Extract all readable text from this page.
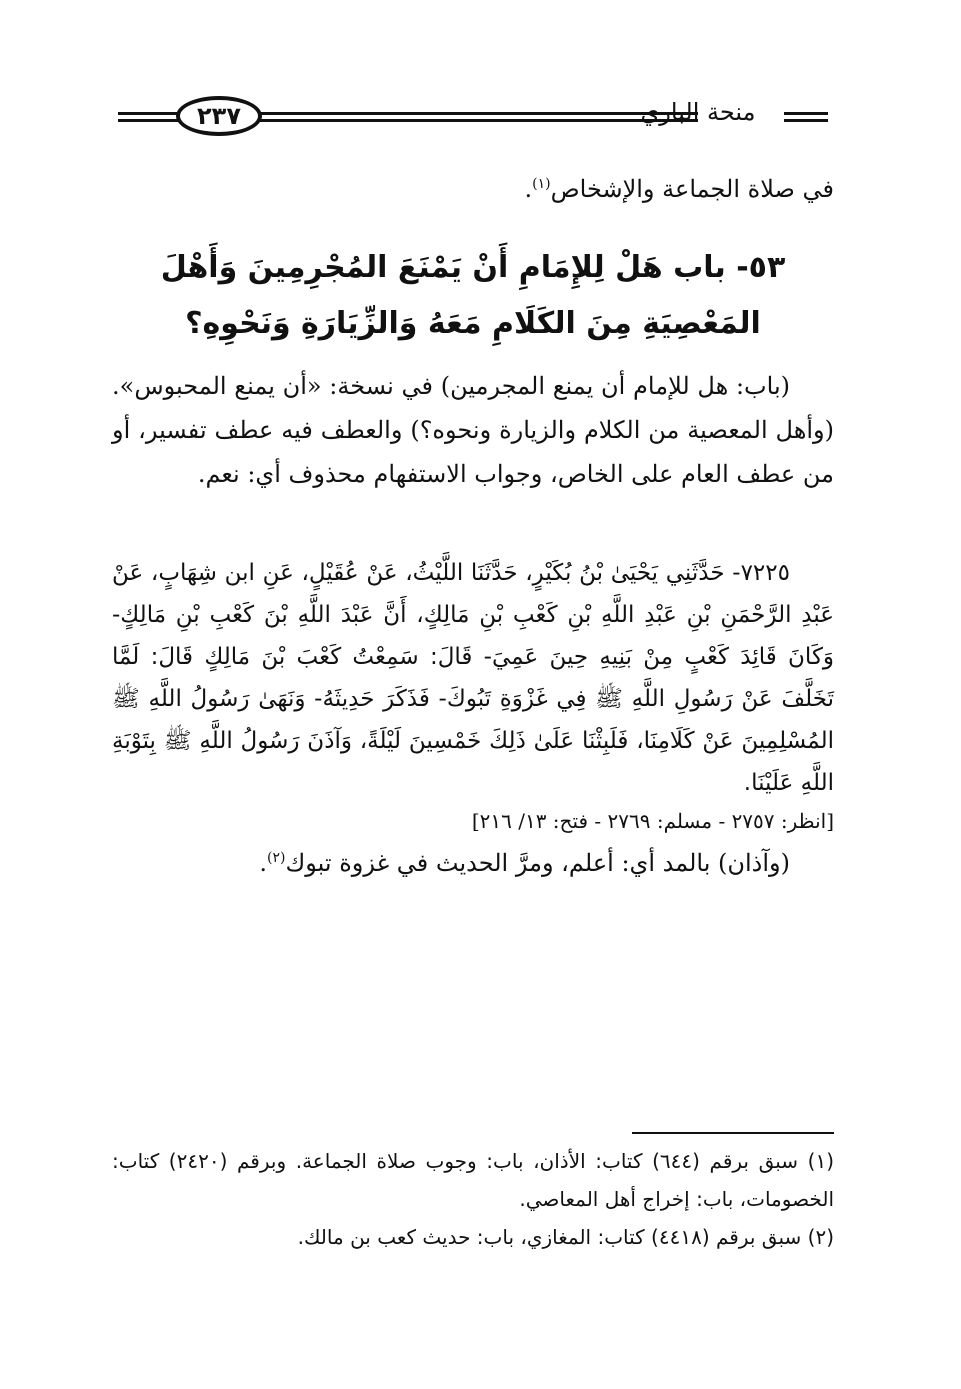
٢٣٧	منحة الباري

في صلاة الجماعة والإشخاص$^{(١)}$.

٥٣- باب هَلْ لِلإِمَامِ أَنْ يَمْنَعَ المُجْرِمِينَ وَأَهْلَ المَعْصِيَةِ مِنَ الكَلَامِ مَعَهُ وَالزِّيَارَةِ وَنَحْوِهِ؟

(باب: هل للإمام أن يمنع المجرمين) في نسخة: «أن يمنع المحبوس». (وأهل المعصية من الكلام والزيارة ونحوه؟) والعطف فيه عطف تفسير، أو من عطف العام على الخاص، وجواب الاستفهام محذوف أي: نعم.

٧٢٢٥- حَدَّثَنِي يَحْيَىٰ بْنُ بُكَيْرٍ، حَدَّثَنَا اللَّيْثُ، عَنْ عُقَيْلٍ، عَنِ ابن شِهَابٍ، عَنْ عَبْدِ الرَّحْمَنِ بْنِ عَبْدِ اللَّهِ بْنِ كَعْبِ بْنِ مَالِكٍ، أَنَّ عَبْدَ اللَّهِ بْنَ كَعْبِ بْنِ مَالِكٍ- وَكَانَ قَائِدَ كَعْبٍ مِنْ بَنِيهِ حِينَ عَمِيَ- قَالَ: سَمِعْتُ كَعْبَ بْنَ مَالِكٍ قَالَ: لَمَّا تَخَلَّفَ عَنْ رَسُولِ اللَّهِ ﷺ فِي غَزْوَةِ تَبُوكَ- فَذَكَرَ حَدِيثَهُ- وَنَهَىٰ رَسُولُ اللَّهِ ﷺ المُسْلِمِينَ عَنْ كَلَامِنَا، فَلَبِثْنَا عَلَىٰ ذَلِكَ خَمْسِينَ لَيْلَةً، وَآذَنَ رَسُولُ اللَّهِ ﷺ بِتَوْبَةِ اللَّهِ عَلَيْنَا.

[انظر: ٢٧٥٧ - مسلم: ٢٧٦٩ - فتح: ١٣/ ٢١٦]

(وآذان) بالمد أي: أعلم، ومرَّ الحديث في غزوة تبوك$^{(٢)}$.

(١) سبق برقم (٦٤٤) كتاب: الأذان، باب: وجوب صلاة الجماعة. وبرقم (٢٤٢٠) كتاب: الخصومات، باب: إخراج أهل المعاصي.

(٢) سبق برقم (٤٤١٨) كتاب: المغازي، باب: حديث كعب بن مالك.
